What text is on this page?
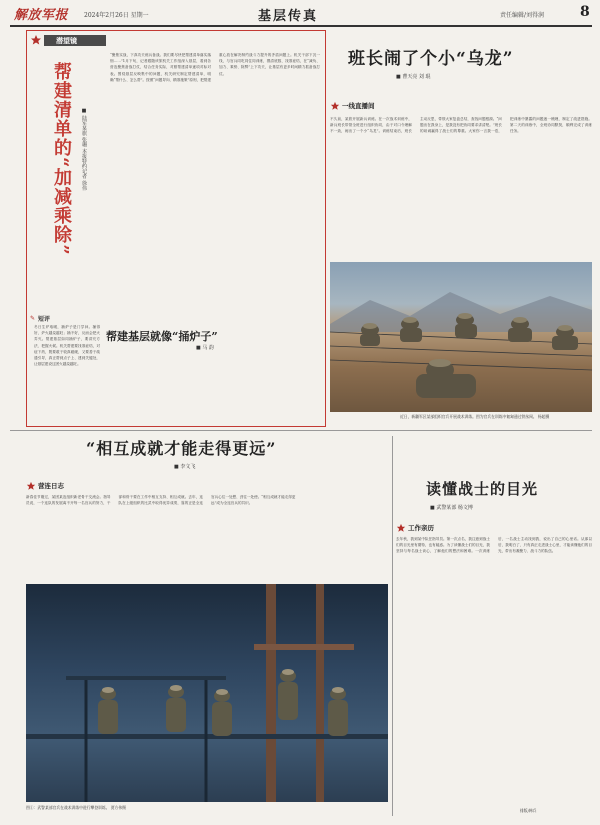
解放军报	2024年2月26日 星期一	基层传真	责任编辑/刘得润	8
潜望镜
帮建清单的“加减乘除” ■ 陆军某旅 张珊 本报特约记者 徐伟
“聚焦实战，下真功夫练兵备战。我们要尽快把帮建清单落实落细……”1月下旬，记者跟随该旅机关工作组深入基层，看到各营连聚焦备战打仗，结合任务实际，对照帮建清单逐项对标对表。围绕基层反映集中的问题，机关研究制定帮建清单，明确“帮什么、怎么帮”。按照“问题导向、精准施策”原则，把帮建重心放在解决制约战斗力提升的矛盾问题上。机关干部下沉一线，与官兵同吃同住同训练，摸清底数、找准症结，在“减负、加力、乘势、除弊”上下功夫，让基层有更多时间精力抓备战打仗。
✎ 短评
帮建基层就像“捅炉子”
■ 马 韵
冬日生炉取暖，捅炉子是门学问。捅得好，炉火越烧越旺；捅不好，反而会把火弄灭。帮建基层如同捅炉子，要讲究方法、把握火候。机关帮建要找准症结，对症下药，既要敢于较真碰硬，又要善于疏通引导，真正帮到点子上、建到关键处，让基层建设这团火越烧越旺。
班长闹了个小“乌龙”
■ 曹天亮 刘 琨
一线直播间
不久前，某旅开展新兵训练。在一次战术训练中，新兵班长带领全班进行组织协同，由于对口令理解不一致，闹出了一个小“乌龙”。训练结束后，班长主动反思，带领大家复盘总结，查找问题根源。“问题出在我身上，是我没有把协同要求讲清楚。”班长的坦诚赢得了战士们的尊重。大家你一言我一语，把训练中暴露的问题逐一梳理，制定了改进措施。第二天的训练中，全班协同默契，顺利完成了训练任务。
近日，新疆军区某部组织官兵开展战术训练。图为官兵在训练中匍匐通过铁丝网。 杨超摄
“相互成就才能走得更远”
■ 李文飞
营连日志
新春佳节刚过，某团某连组织新老骨干交流会。指导员说，一个连队的发展离不开每一名官兵的努力，干部和骨干要在工作中相互支持、相互成就。去年，连队在上级组织的比武中取得优异成绩，靠的正是全连官兵心往一处想、劲往一处使。“相互成就才能走得更远”成为全连官兵的共识。
图①：武警某部官兵在战术训练中进行攀登训练。 贾方伟摄
读懂战士的目光
■ 武警某部 杨文博
工作亲历
去年秋，我到某中队任指导员。第一次点名，我注意到战士们的目光里有期待，也有疑惑。为了读懂战士们的目光，我坚持与每名战士谈心，了解他们的想法和困难。一次训练后，一名战士主动找到我，说出了自己的心里话。从那以后，我明白了，只有真正走进战士心里，才能读懂他们的目光，带出有凝聚力、战斗力的队伍。
排版/韩兵
